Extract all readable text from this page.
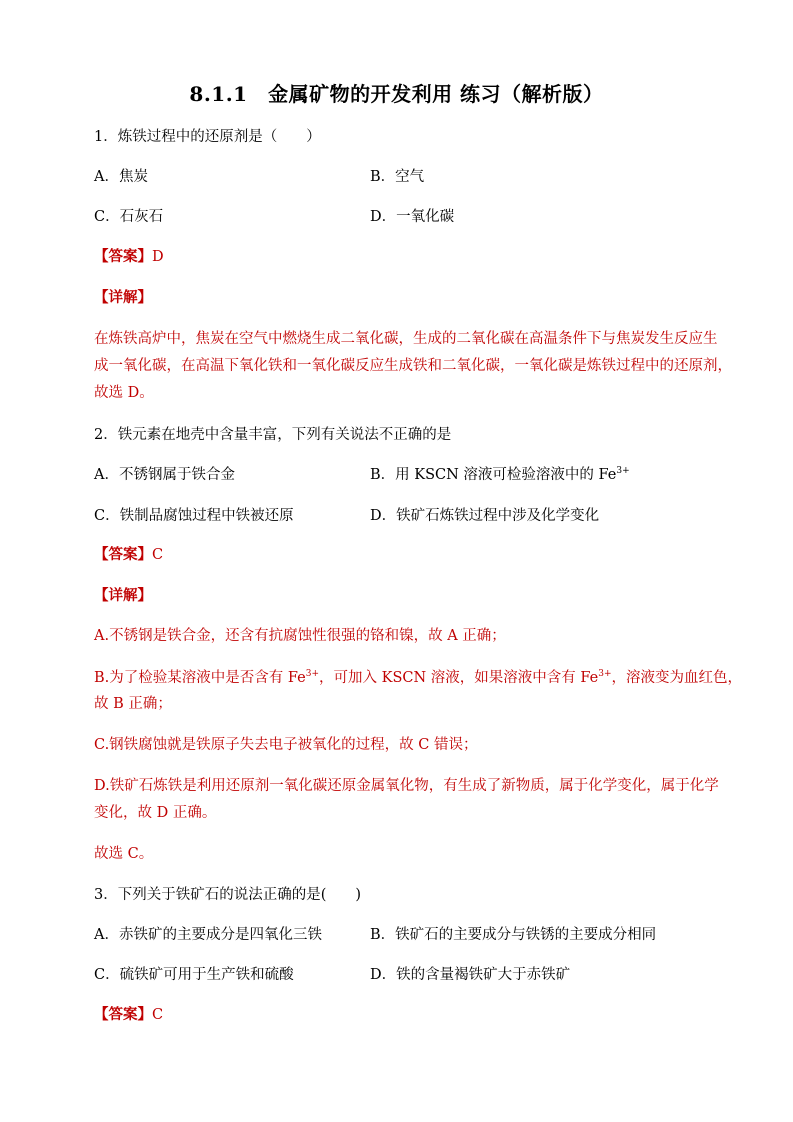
8.1.1　金属矿物的开发利用 练习（解析版）
1．炼铁过程中的还原剂是（　　）
A．焦炭	B．空气
C．石灰石	D．一氧化碳
【答案】D
【详解】
在炼铁高炉中，焦炭在空气中燃烧生成二氧化碳，生成的二氧化碳在高温条件下与焦炭发生反应生
成一氧化碳，在高温下氧化铁和一氧化碳反应生成铁和二氧化碳，一氧化碳是炼铁过程中的还原剂，
故选 D。
2．铁元素在地壳中含量丰富，下列有关说法不正确的是
A．不锈钢属于铁合金	B．用 KSCN 溶液可检验溶液中的 $Fe^{3+}$
C．铁制品腐蚀过程中铁被还原	D．铁矿石炼铁过程中涉及化学变化
【答案】C
【详解】
A.不锈钢是铁合金，还含有抗腐蚀性很强的铬和镍，故 A 正确；
B.为了检验某溶液中是否含有 $Fe^{3+}$，可加入 KSCN 溶液，如果溶液中含有 $Fe^{3+}$，溶液变为血红色，
故 B 正确；
C.钢铁腐蚀就是铁原子失去电子被氧化的过程，故 C 错误；
D.铁矿石炼铁是利用还原剂一氧化碳还原金属氧化物，有生成了新物质，属于化学变化，属于化学
变化，故 D 正确。
故选 C。
3．下列关于铁矿石的说法正确的是(　　)
A．赤铁矿的主要成分是四氧化三铁	B．铁矿石的主要成分与铁锈的主要成分相同
C．硫铁矿可用于生产铁和硫酸	D．铁的含量褐铁矿大于赤铁矿
【答案】C
